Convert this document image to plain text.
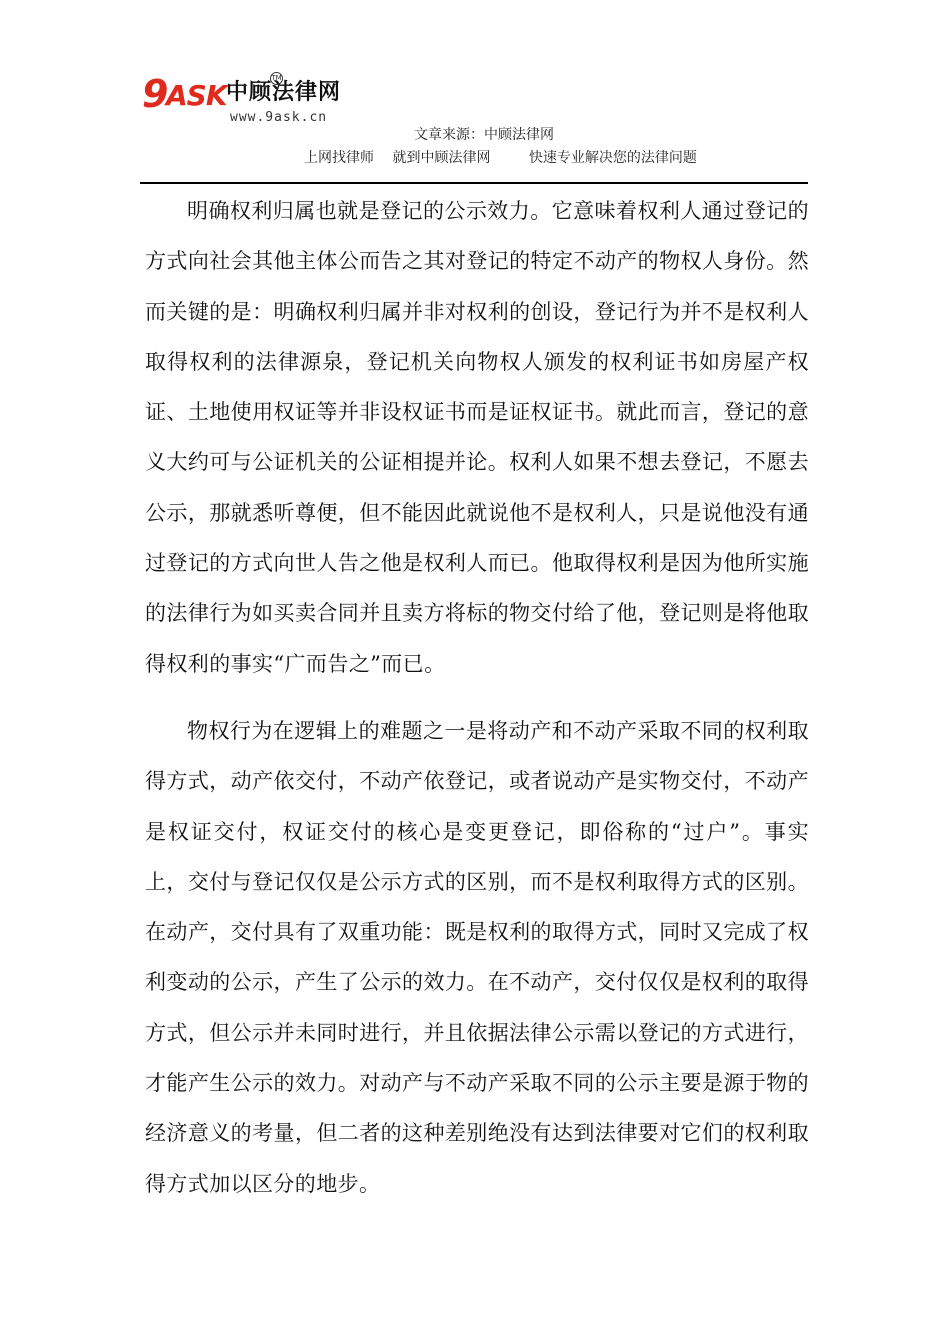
9
ASK 中顾法律网
TM
www.9ask.cn
文章来源：中顾法律网
上网找律师 就到中顾法律网	快速专业解决您的法律问题

明确权利归属也就是登记的公示效力。它意味着权利人通过登记的方式向社会其他主体公而告之其对登记的特定不动产的物权人身份。然而关键的是：明确权利归属并非对权利的创设，登记行为并不是权利人取得权利的法律源泉，登记机关向物权人颁发的权利证书如房屋产权证、土地使用权证等并非设权证书而是证权证书。就此而言，登记的意义大约可与公证机关的公证相提并论。权利人如果不想去登记，不愿去公示，那就悉听尊便，但不能因此就说他不是权利人，只是说他没有通过登记的方式向世人告之他是权利人而已。他取得权利是因为他所实施的法律行为如买卖合同并且卖方将标的物交付给了他，登记则是将他取得权利的事实“广而告之”而已。

物权行为在逻辑上的难题之一是将动产和不动产采取不同的权利取得方式，动产依交付，不动产依登记，或者说动产是实物交付，不动产是权证交付，权证交付的核心是变更登记，即俗称的“过户”。事实上，交付与登记仅仅是公示方式的区别，而不是权利取得方式的区别。在动产，交付具有了双重功能：既是权利的取得方式，同时又完成了权利变动的公示，产生了公示的效力。在不动产，交付仅仅是权利的取得方式，但公示并未同时进行，并且依据法律公示需以登记的方式进行，才能产生公示的效力。对动产与不动产采取不同的公示主要是源于物的经济意义的考量，但二者的这种差别绝没有达到法律要对它们的权利取得方式加以区分的地步。
